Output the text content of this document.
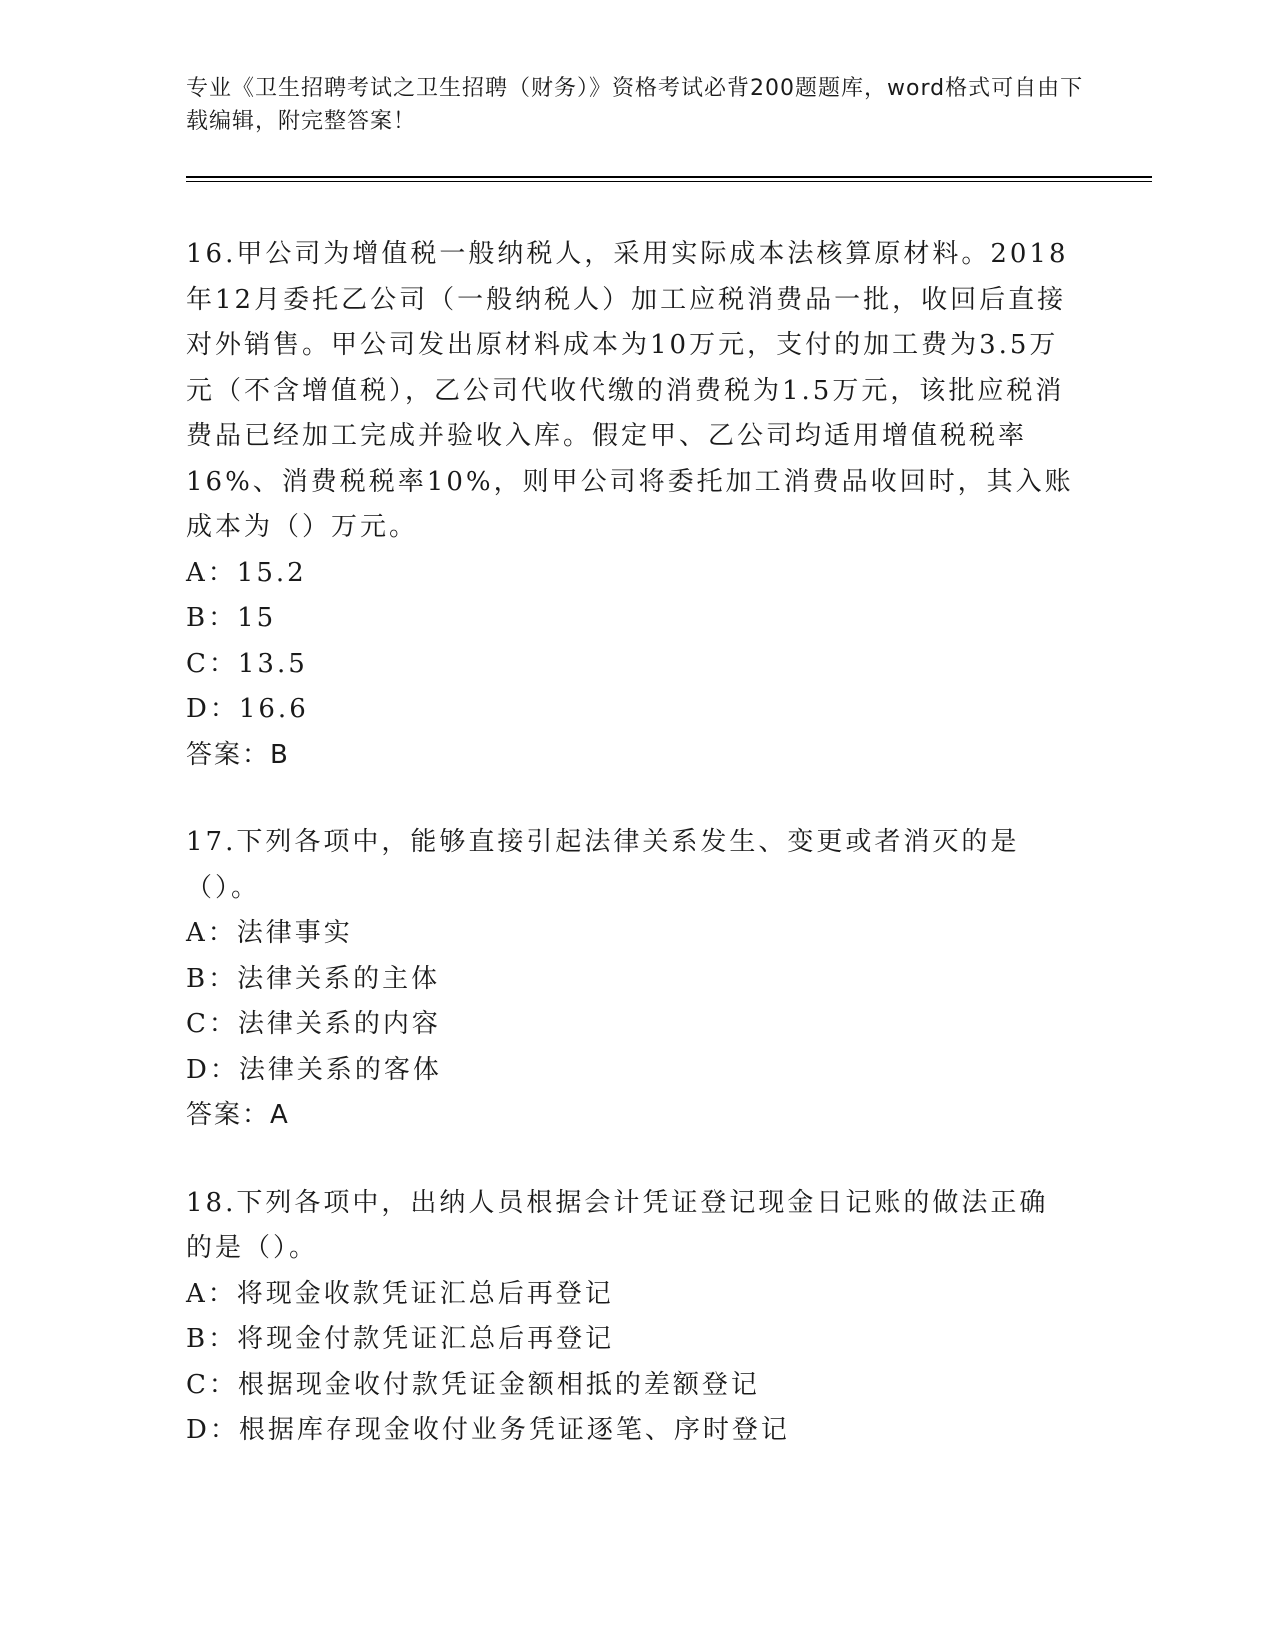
专业《卫生招聘考试之卫生招聘（财务）》资格考试必背200题题库，word格式可自由下载编辑，附完整答案！

16.甲公司为增值税一般纳税人，采用实际成本法核算原材料。2018年12月委托乙公司（一般纳税人）加工应税消费品一批，收回后直接对外销售。甲公司发出原材料成本为10万元，支付的加工费为3.5万元（不含增值税），乙公司代收代缴的消费税为1.5万元，该批应税消费品已经加工完成并验收入库。假定甲、乙公司均适用增值税税率16%、消费税税率10%，则甲公司将委托加工消费品收回时，其入账成本为（）万元。

A：15.2

B：15

C：13.5

D：16.6

答案：B

17.下列各项中，能够直接引起法律关系发生、变更或者消灭的是（）。

A：法律事实

B：法律关系的主体

C：法律关系的内容

D：法律关系的客体

答案：A

18.下列各项中，出纳人员根据会计凭证登记现金日记账的做法正确的是（）。

A：将现金收款凭证汇总后再登记

B：将现金付款凭证汇总后再登记

C：根据现金收付款凭证金额相抵的差额登记

D：根据库存现金收付业务凭证逐笔、序时登记
